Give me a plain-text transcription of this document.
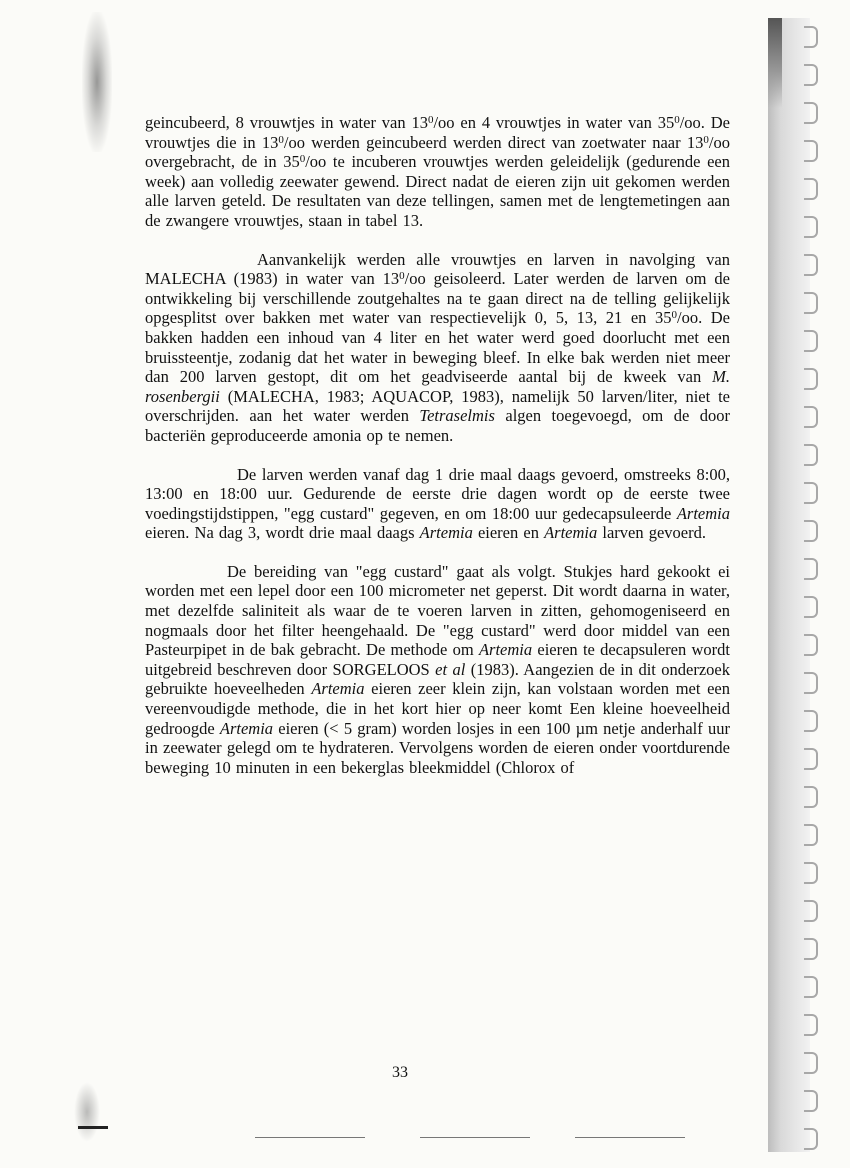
geincubeerd, 8 vrouwtjes in water van $13^0/oo$ en 4 vrouwtjes in water van $35^0/oo$. De vrouwtjes die in $13^0/oo$ werden geincubeerd werden direct van zoetwater naar $13^0/oo$ overgebracht, de in $35^0/oo$ te incuberen vrouwtjes werden geleidelijk (gedurende een week) aan volledig zeewater gewend. Direct nadat de eieren zijn uit gekomen werden alle larven geteld. De resultaten van deze tellingen, samen met de lengtemetingen aan de zwangere vrouwtjes, staan in tabel 13.

Aanvankelijk werden alle vrouwtjes en larven in navolging van MALECHA (1983) in water van $13^0/oo$ geisoleerd. Later werden de larven om de ontwikkeling bij verschillende zoutgehaltes na te gaan direct na de telling gelijkelijk opgesplitst over bakken met water van respectievelijk 0, 5, 13, 21 en $35^0/oo$. De bakken hadden een inhoud van 4 liter en het water werd goed doorlucht met een bruissteentje, zodanig dat het water in beweging bleef. In elke bak werden niet meer dan 200 larven gestopt, dit om het geadviseerde aantal bij de kweek van M. rosenbergii (MALECHA, 1983; AQUACOP, 1983), namelijk 50 larven/liter, niet te overschrijden. aan het water werden Tetraselmis algen toegevoegd, om de door bacteriën geproduceerde amonia op te nemen.

De larven werden vanaf dag 1 drie maal daags gevoerd, omstreeks 8:00, 13:00 en 18:00 uur. Gedurende de eerste drie dagen wordt op de eerste twee voedingstijdstippen, "egg custard" gegeven, en om 18:00 uur gedecapsuleerde Artemia eieren. Na dag 3, wordt drie maal daags Artemia eieren en Artemia larven gevoerd.

De bereiding van "egg custard" gaat als volgt. Stukjes hard gekookt ei worden met een lepel door een 100 micrometer net geperst. Dit wordt daarna in water, met dezelfde saliniteit als waar de te voeren larven in zitten, gehomogeniseerd en nogmaals door het filter heengehaald. De "egg custard" werd door middel van een Pasteurpipet in de bak gebracht. De methode om Artemia eieren te decapsuleren wordt uitgebreid beschreven door SORGELOOS et al (1983). Aangezien de in dit onderzoek gebruikte hoeveelheden Artemia eieren zeer klein zijn, kan volstaan worden met een vereenvoudigde methode, die in het kort hier op neer komt Een kleine hoeveelheid gedroogde Artemia eieren (< 5 gram) worden losjes in een 100 µm netje anderhalf uur in zeewater gelegd om te hydrateren. Vervolgens worden de eieren onder voortdurende beweging 10 minuten in een bekerglas bleekmiddel (Chlorox of

33
